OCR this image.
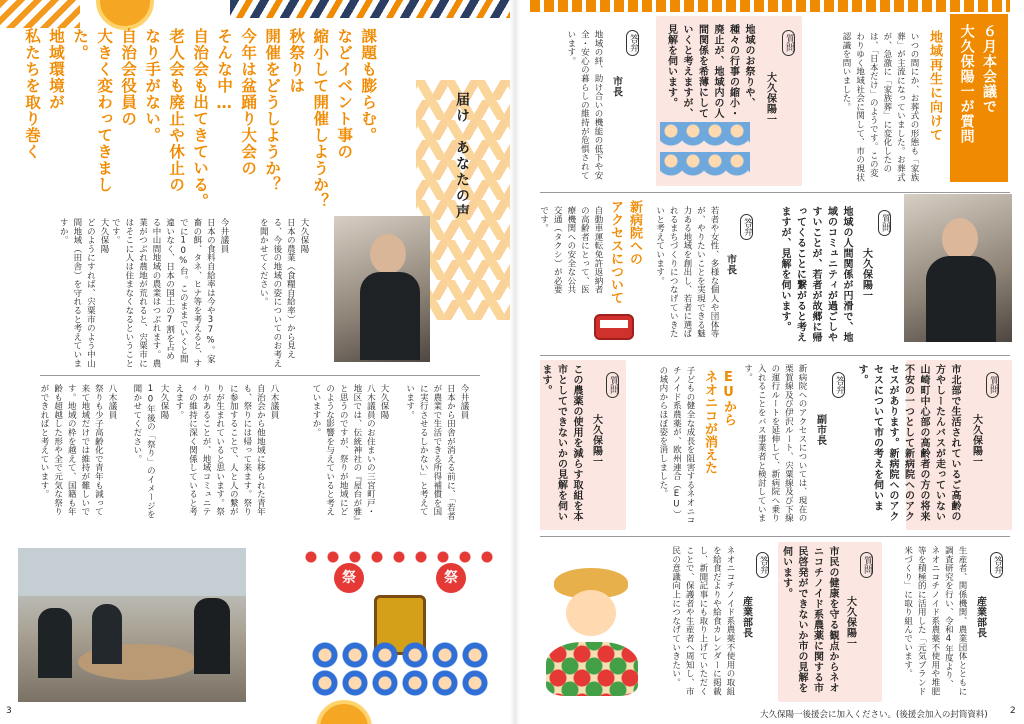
課題も膨らむ。
などイベント事の
縮小して開催しようか？
秋祭りは
開催をどうしようか？
今年は盆踊り大会の
そんな中…
自治会も出てきている。
老人会も廃止や休止の
なり手がない。
自治会役員の
大きく変わってきました。
地域環境が
私たちを取り巻く	届け　あなたの声
大久保陽
どのようにすれば、宍粟市のよう中山間地域（田舎）を守れると考えていますか。	今井議員
日本の食料自給率は今や37%。家畜の餌、タネ、ヒナ等を考えると、すでに10%台。このままでいくと間違いなく、日本の国土の7割を占める中山間地域の農業はつぶれます。農業がつぶれ農地が荒れると、宍粟市にはそこに人は住まなくなるということです。	大久保陽
日本の農業（食糧自給率）から見える、今後の地域の姿についてのお考えを聞かせてください。
八木議員
祭りも少子高齢化で青年も減って来て地域だけでは維持が難しいです。地域の枠を越えて、国籍も年齢も超越した形や全で元気な祭りができればと考えています。	大久保陽
10年後の「祭り」のイメージを聞かせてください。	八木議員
自治会から他地域に移られた青年も、祭りには帰って来ます。祭りに参加することで、人と人の繋がりが生まれていると思います。祭りがあることが、地域コミュニティの維持に深く関係していると考えます。	大久保陽
八木議員のお住まいの三宮町戸・地区では、伝統神社の『屋台が雅』と思うのですが、祭りが地域にどのような影響を与えていると考えていますか。	今井議員
日本から田舎が消える前に、「若者が農業で生活できる所得補償を国に実行させるしかない」と考えています。
祭	祭
3
６月本会議で
大久保陽一が質問
地域再生に向けて
いつの間にか、お葬式の形態も「家族葬」が主流になっていました。お葬式が、急激に「家族葬」に変化したのは、「日本だけ」のようです。この変わりゆく地域社会に関して、市の現状認識を問いました。
質問
大久保陽一
地域のお祭りや、種々の行事の縮小・廃止が、地域内の人間関係を希薄にしていくと考えますが、見解を伺います。
答弁
市長
地域の絆、助け合いの機能の低下や安全・安心の暮らしの維持が危惧されています。
質問
大久保陽一
地域の人間関係が円滑で、地域のコミュニティが過ごしやすいことが、若者が故郷に帰ってくることに繋がると考えますが、見解を伺います。
答弁
市長
若者や女性、多様な個人や団体等が、やりたいことを実現できる魅力ある地域を創出し、若者に選ばれるまちづくりにつなげていきたいと考えています。
新病院への
アクセスについて
自動車運転免許返納者の高齢者にとって、医療機関への安全な公共交通（タクシ）が必要です。
質問
大久保陽一
市北部で生活されているご高齢の方やしーたんバスが走っていない山崎町中心部の高齢者の方の将来不安の一つとして新病院へのアクセスがあります。新病院へのアクセスについて市の考えを伺います。
答弁
副市長
新病院へのアクセスについては、現在の栗賀線及び伊沢ルート、宍粟線及び下線の運行ルートを延伸して、新病院へ乗り入れることをバス事業者と検討しています。
EUから
ネオニコが消えた
子どもの健全な成長を阻害するネオニコチノイド系農薬が、欧州連合（EU）の域内からほぼ姿を消しました。
質問
大久保陽一
この農薬の使用を減らす取組を本市としてできないかの見解を伺います。
答弁
産業部長
生産者、関係機関、農業団体とともに調査研究を行い、令和4年度より、ネオニコチノイド系農薬不使用や堆肥等を積極的に活用した「元気ブランド米づくり」に取り組んでいます。
質問
大久保陽一
市民の健康を守る観点からネオニコチノイド系農薬に関する市民啓発ができないか市の見解を伺います。
答弁
産業部長
ネオニコチノイド系農薬不使用の取組を給食だよりや給食カレンダーに掲載し、新聞記事にも取り上げていただくことで、保護者や生産者へ周知し、市民の意識向上につなげていきたい。
大久保陽一後援会に加入ください。(後援会加入の封筒資料) 2
